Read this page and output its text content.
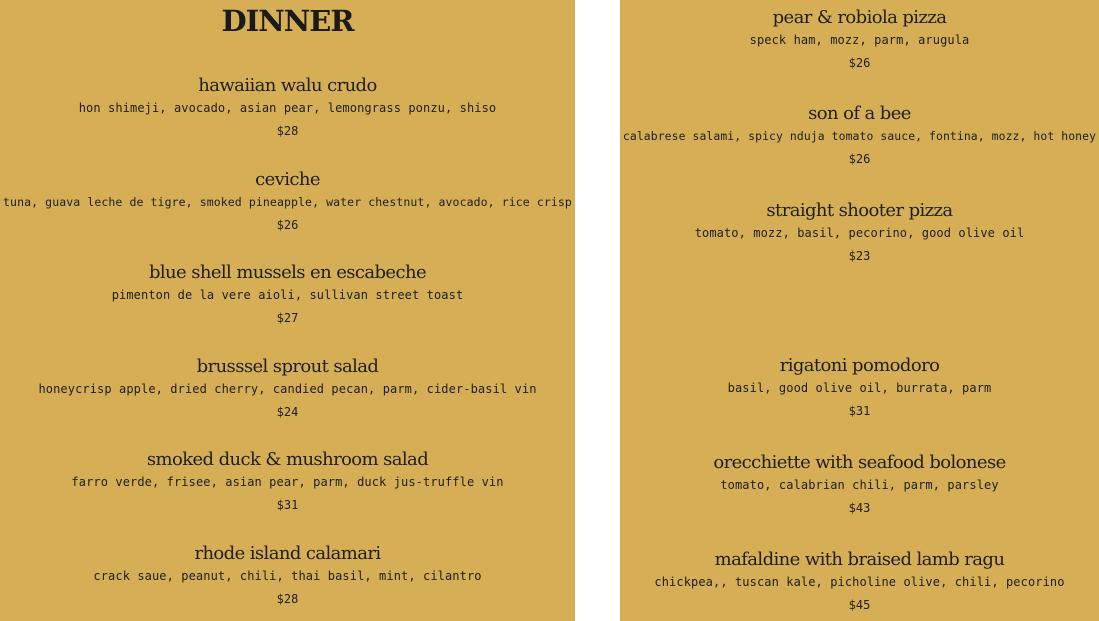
DINNER
hawaiian walu crudo
hon shimeji, avocado, asian pear, lemongrass ponzu, shiso
$28
ceviche
tuna, guava leche de tigre, smoked pineapple, water chestnut, avocado, rice crisp
$26
blue shell mussels en escabeche
pimenton de la vere aioli, sullivan street toast
$27
brusssel sprout salad
honeycrisp apple, dried cherry, candied pecan, parm, cider-basil vin
$24
smoked duck & mushroom salad
farro verde, frisee, asian pear, parm, duck jus-truffle vin
$31
rhode island calamari
crack saue, peanut, chili, thai basil, mint, cilantro
$28
pear & robiola pizza
speck ham, mozz, parm, arugula
$26
son of a bee
calabrese salami, spicy nduja tomato sauce, fontina, mozz, hot honey
$26
straight shooter pizza
tomato, mozz, basil, pecorino, good olive oil
$23
rigatoni pomodoro
basil, good olive oil, burrata, parm
$31
orecchiette with seafood bolonese
tomato, calabrian chili, parm, parsley
$43
mafaldine with braised lamb ragu
chickpea,, tuscan kale, picholine olive, chili, pecorino
$45
